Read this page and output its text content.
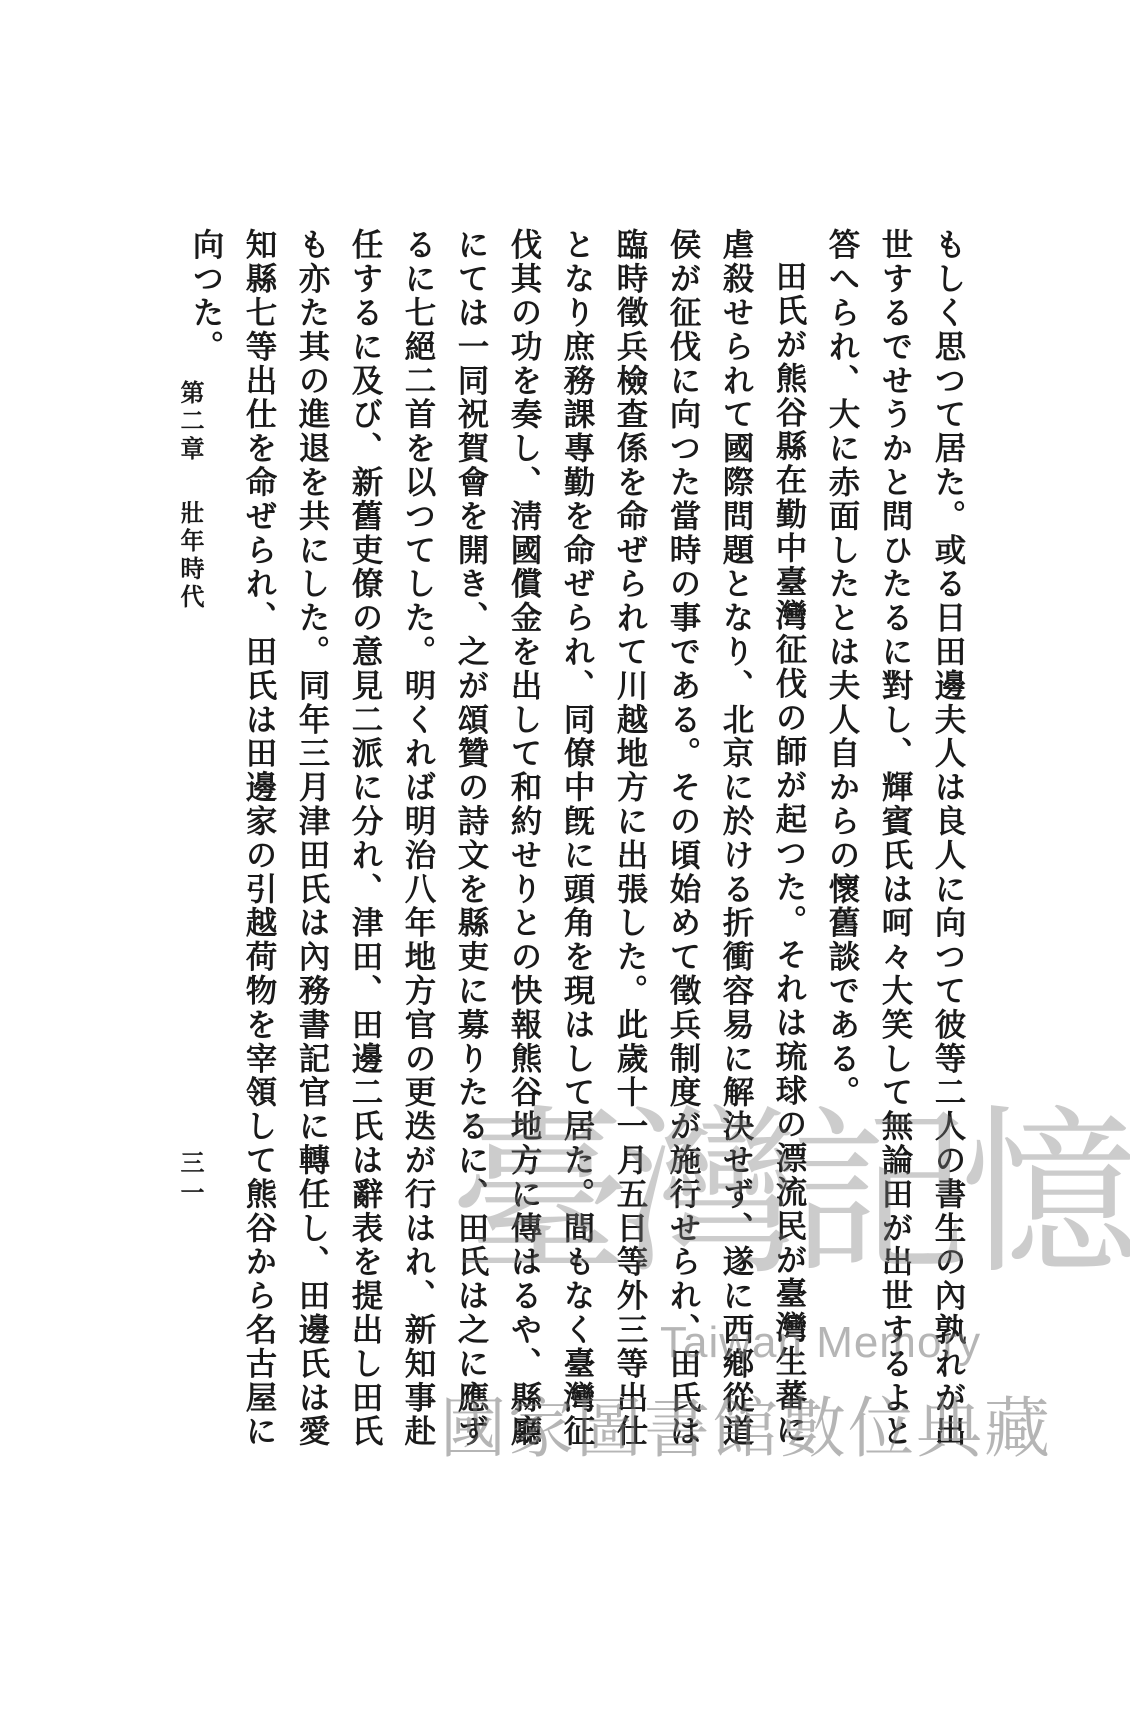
もしく思つて居た。或る日田邊夫人は良人に向つて彼等二人の書生の內孰れが出世するでせうかと問ひたるに對し、輝賓氏は呵々大笑して無論田が出世するよと答へられ、大に赤面したとは夫人自からの懷舊談である。

田氏が熊谷縣在勤中臺灣征伐の師が起つた。それは琉球の漂流民が臺灣生蕃に虐殺せられて國際問題となり、北京に於ける折衝容易に解決せず、遂に西鄕從道侯が征伐に向つた當時の事である。その頃始めて徵兵制度が施行せられ、田氏は臨時徵兵檢查係を命ぜられて川越地方に出張した。此歲十一月五日等外三等出仕となり庶務課專勤を命ぜられ、同僚中旣に頭角を現はして居た。間もなく臺灣征伐其の功を奏し、淸國償金を出して和約せりとの快報熊谷地方に傳はるや、縣廳にては一同祝賀會を開き、之が頌贊の詩文を縣吏に募りたるに、田氏は之に應ずるに七絕二首を以つてした。明くれば明治八年地方官の更迭が行はれ、新知事赴任するに及び、新舊吏僚の意見二派に分れ、津田、田邊二氏は辭表を提出し田氏も亦た其の進退を共にした。同年三月津田氏は內務書記官に轉任し、田邊氏は愛知縣七等出仕を命ぜられ、田氏は田邊家の引越荷物を宰領して熊谷から名古屋に向つた。

第二章壯年時代
三一 臺灣記憶
Taiwan Memory
國家圖書館數位典藏
